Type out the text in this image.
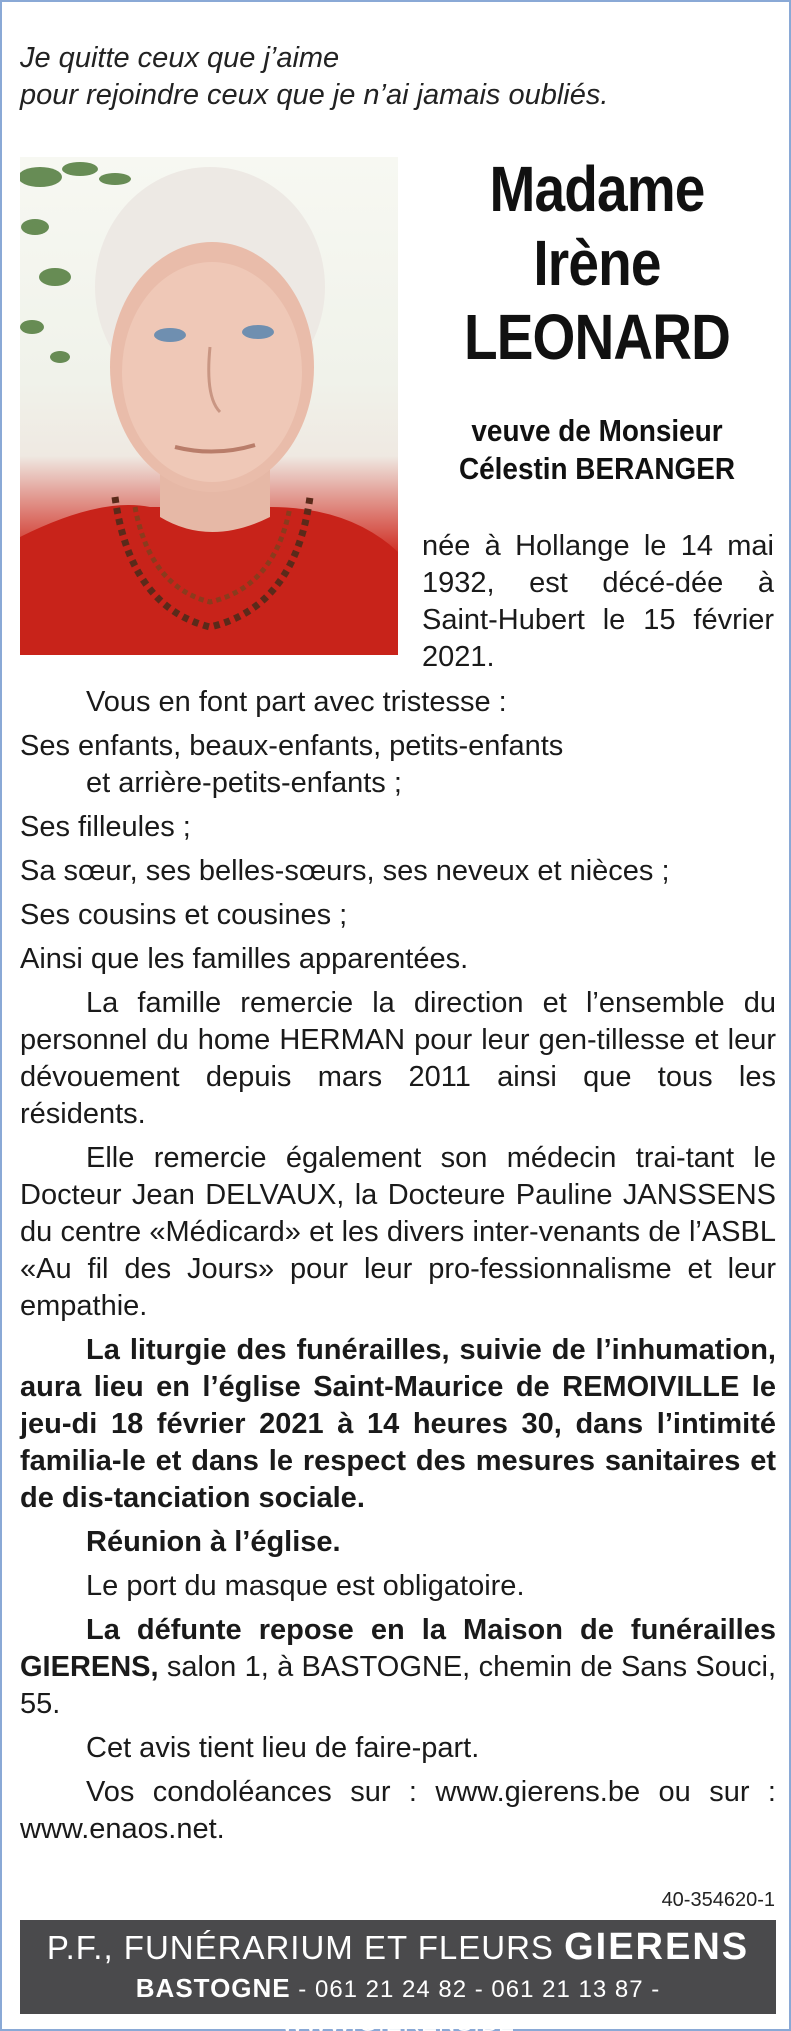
Je quitte ceux que j’aime
pour rejoindre ceux que je n’ai jamais oubliés.
Madame
Irène
LEONARD
veuve de Monsieur
Célestin BERANGER
née à Hollange le 14 mai 1932, est décé-dée à Saint-Hubert le 15 février 2021.

Vous en font part avec tristesse :

Ses enfants, beaux-enfants, petits-enfants
et arrière-petits-enfants ;

Ses filleules ;

Sa sœur, ses belles-sœurs, ses neveux et nièces ;

Ses cousins et cousines ;

Ainsi que les familles apparentées.

La famille remercie la direction et l’ensemble du personnel du home HERMAN pour leur gen-tillesse et leur dévouement depuis mars 2011 ainsi que tous les résidents.

Elle remercie également son médecin trai-tant le Docteur Jean DELVAUX, la Docteure Pauline JANSSENS du centre «Médicard» et les divers inter-venants de l’ASBL «Au fil des Jours» pour leur pro-fessionnalisme et leur empathie.

La liturgie des funérailles, suivie de l’inhumation, aura lieu en l’église Saint-Maurice de REMOIVILLE le jeu-di 18 février 2021 à 14 heures 30, dans l’intimité familia-le et dans le respect des mesures sanitaires et de dis-tanciation sociale.

Réunion à l’église.

Le port du masque est obligatoire.

La défunte repose en la Maison de funérailles GIERENS, salon 1, à BASTOGNE, chemin de Sans Souci, 55.

Cet avis tient lieu de faire-part.

Vos condoléances sur : www.gierens.be ou sur : www.enaos.net.

40-354620-1
P.F., FUNÉRARIUM ET FLEURS GIERENS
BASTOGNE - 061 21 24 82 - 061 21 13 87 - WWW.GIERENS.BE
